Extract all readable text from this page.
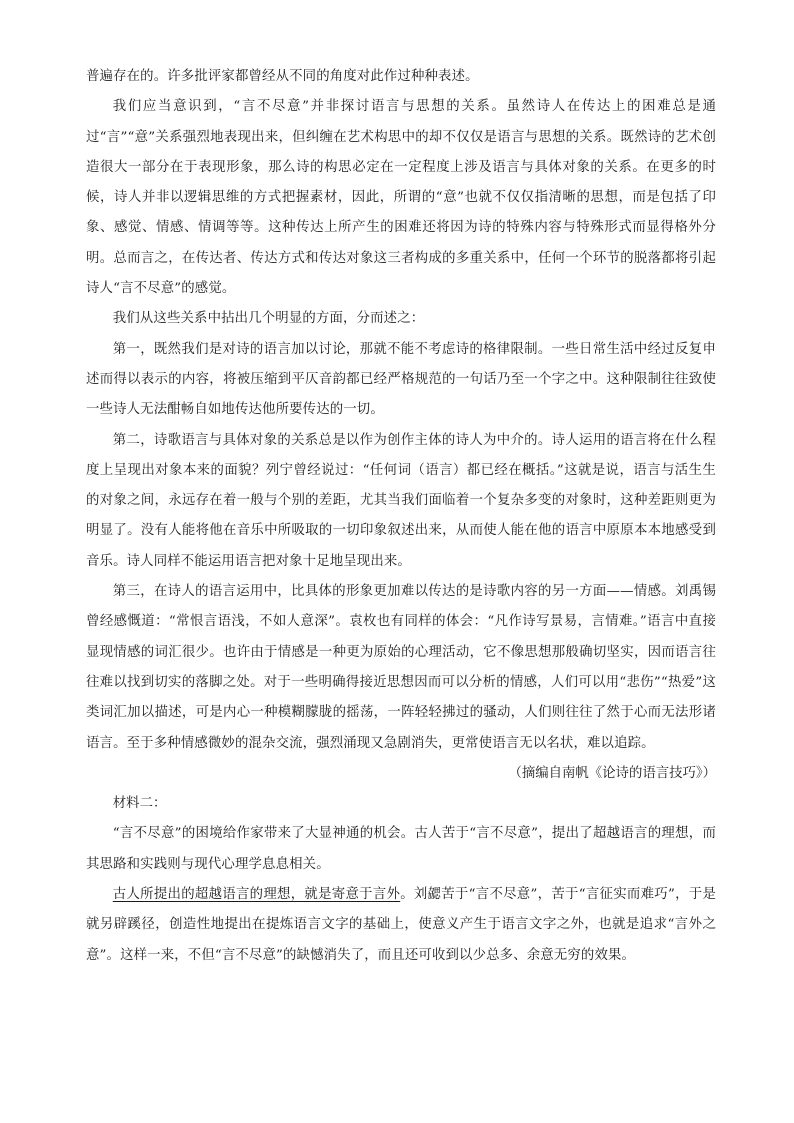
普遍存在的。许多批评家都曾经从不同的角度对此作过种种表述。

我们应当意识到，“言不尽意”并非探讨语言与思想的关系。虽然诗人在传达上的困难总是通过“言”“意”关系强烈地表现出来，但纠缠在艺术构思中的却不仅仅是语言与思想的关系。既然诗的艺术创造很大一部分在于表现形象，那么诗的构思必定在一定程度上涉及语言与具体对象的关系。在更多的时候，诗人并非以逻辑思维的方式把握素材，因此，所谓的“意”也就不仅仅指清晰的思想，而是包括了印象、感觉、情感、情调等等。这种传达上所产生的困难还将因为诗的特殊内容与特殊形式而显得格外分明。总而言之，在传达者、传达方式和传达对象这三者构成的多重关系中，任何一个环节的脱落都将引起诗人“言不尽意”的感觉。

我们从这些关系中拈出几个明显的方面，分而述之：

第一，既然我们是对诗的语言加以讨论，那就不能不考虑诗的格律限制。一些日常生活中经过反复申述而得以表示的内容，将被压缩到平仄音韵都已经严格规范的一句话乃至一个字之中。这种限制往往致使一些诗人无法酣畅自如地传达他所要传达的一切。

第二，诗歌语言与具体对象的关系总是以作为创作主体的诗人为中介的。诗人运用的语言将在什么程度上呈现出对象本来的面貌？列宁曾经说过：“任何词（语言）都已经在概括。”这就是说，语言与活生生的对象之间，永远存在着一般与个别的差距，尤其当我们面临着一个复杂多变的对象时，这种差距则更为明显了。没有人能将他在音乐中所吸取的一切印象叙述出来，从而使人能在他的语言中原原本本地感受到音乐。诗人同样不能运用语言把对象十足地呈现出来。

第三，在诗人的语言运用中，比具体的形象更加难以传达的是诗歌内容的另一方面——情感。刘禹锡曾经感慨道：“常恨言语浅，不如人意深”。袁枚也有同样的体会：“凡作诗写景易，言情难。”语言中直接显现情感的词汇很少。也许由于情感是一种更为原始的心理活动，它不像思想那般确切坚实，因而语言往往难以找到切实的落脚之处。对于一些明确得接近思想因而可以分析的情感，人们可以用“悲伤”“热爱”这类词汇加以描述，可是内心一种模糊朦胧的摇荡，一阵轻轻拂过的骚动，人们则往往了然于心而无法形诸语言。至于多种情感微妙的混杂交流，强烈涌现又急剧消失，更常使语言无以名状，难以追踪。

（摘编自南帆《论诗的语言技巧》）

材料二：

“言不尽意”的困境给作家带来了大显神通的机会。古人苦于“言不尽意”，提出了超越语言的理想，而其思路和实践则与现代心理学息息相关。

古人所提出的超越语言的理想，就是寄意于言外。刘勰苦于“言不尽意”，苦于“言征实而难巧”，于是就另辟蹊径，创造性地提出在提炼语言文字的基础上，使意义产生于语言文字之外，也就是追求“言外之意”。这样一来，不但“言不尽意”的缺憾消失了，而且还可收到以少总多、余意无穷的效果。
